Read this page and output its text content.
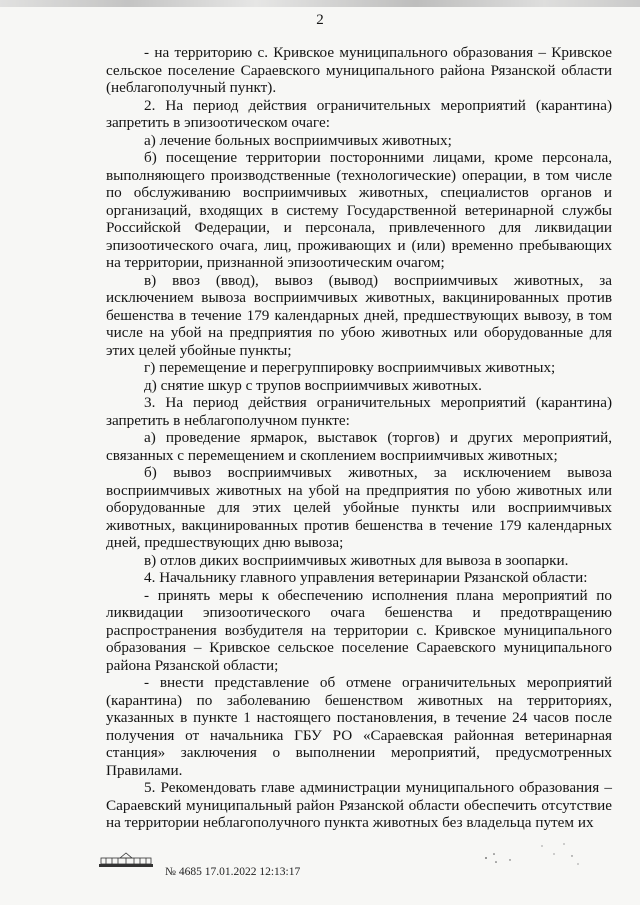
2

- на территорию с. Кривское муниципального образования – Кривское сельское поселение Сараевского муниципального района Рязанской области (неблагополучный пункт).

2. На период действия ограничительных мероприятий (карантина) запретить в эпизоотическом очаге:

а) лечение больных восприимчивых животных;

б) посещение территории посторонними лицами, кроме персонала, выполняющего производственные (технологические) операции, в том числе по обслуживанию восприимчивых животных, специалистов органов и организаций, входящих в систему Государственной ветеринарной службы Российской Федерации, и персонала, привлеченного для ликвидации эпизоотического очага, лиц, проживающих и (или) временно пребывающих на территории, признанной эпизоотическим очагом;

в) ввоз (ввод), вывоз (вывод) восприимчивых животных, за исключением вывоза восприимчивых животных, вакцинированных против бешенства в течение 179 календарных дней, предшествующих вывозу, в том числе на убой на предприятия по убою животных или оборудованные для этих целей убойные пункты;

г) перемещение и перегруппировку восприимчивых животных;

д) снятие шкур с трупов восприимчивых животных.

3. На период действия ограничительных мероприятий (карантина) запретить в неблагополучном пункте:

а) проведение ярмарок, выставок (торгов) и других мероприятий, связанных с перемещением и скоплением восприимчивых животных;

б) вывоз восприимчивых животных, за исключением вывоза восприимчивых животных на убой на предприятия по убою животных или оборудованные для этих целей убойные пункты или восприимчивых животных, вакцинированных против бешенства в течение 179 календарных дней, предшествующих дню вывоза;

в) отлов диких восприимчивых животных для вывоза в зоопарки.

4. Начальнику главного управления ветеринарии Рязанской области:

- принять меры к обеспечению исполнения плана мероприятий по ликвидации эпизоотического очага бешенства и предотвращению распространения возбудителя на территории с. Кривское муниципального образования – Кривское сельское поселение Сараевского муниципального района Рязанской области;

- внести представление об отмене ограничительных мероприятий (карантина) по заболеванию бешенством животных на территориях, указанных в пункте 1 настоящего постановления, в течение 24 часов после получения от начальника ГБУ РО «Сараевская районная ветеринарная станция» заключения о выполнении мероприятий, предусмотренных Правилами.

5. Рекомендовать главе администрации муниципального образования – Сараевский муниципальный район Рязанской области обеспечить отсутствие на территории неблагополучного пункта животных без владельца путем их

№ 4685 17.01.2022 12:13:17
